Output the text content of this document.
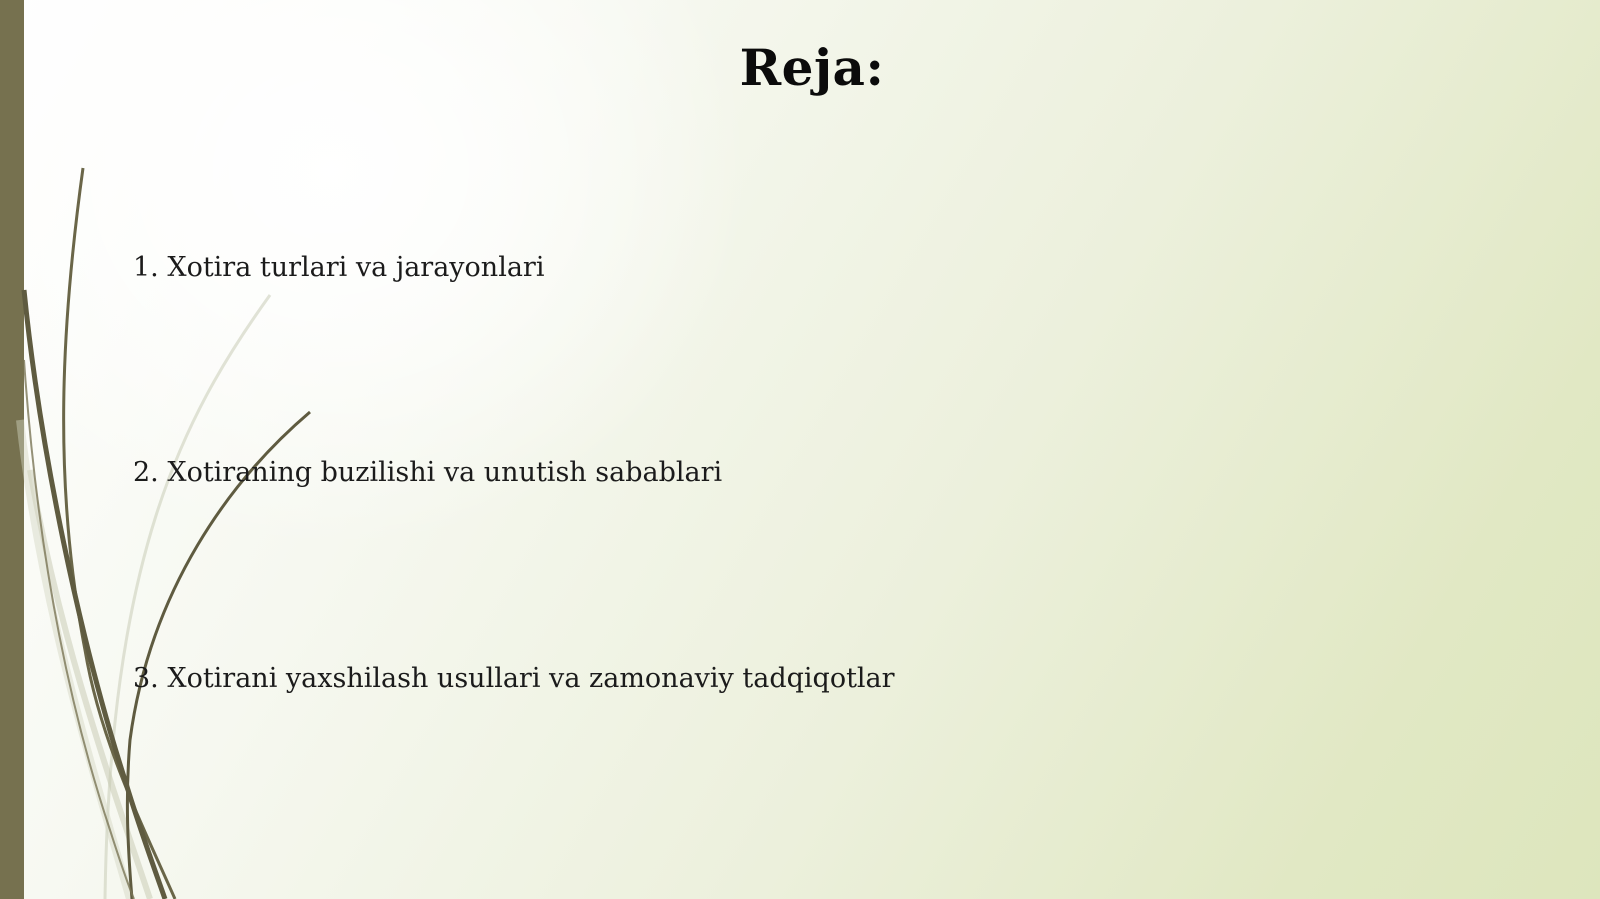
Reja:
1. Xotira turlari va jarayonlari
2. Xotiraning buzilishi va unutish sabablari
3. Xotirani yaxshilash usullari va zamonaviy tadqiqotlar
